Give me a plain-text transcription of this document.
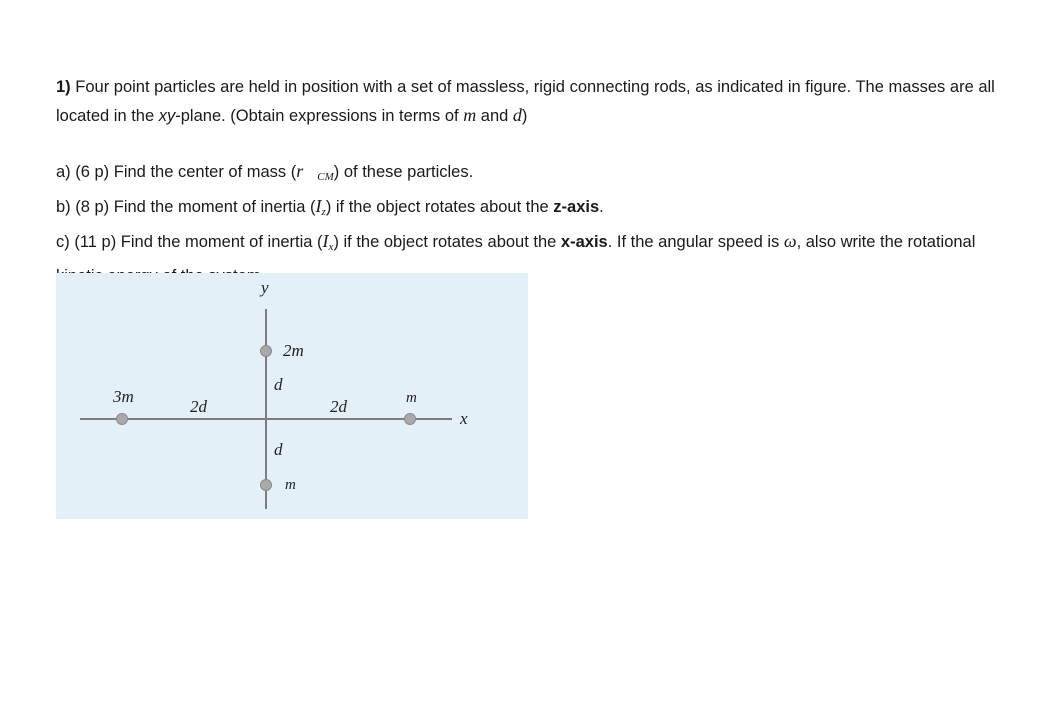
1) Four point particles are held in position with a set of massless, rigid connecting rods, as indicated in figure. The masses are all located in the xy-plane. (Obtain expressions in terms of m and d)

a) (6 p) Find the center of mass $(r⃗_{CM})$ of these particles.
b) (8 p) Find the moment of inertia $(I_z)$ if the object rotates about the z-axis.
c) (11 p) Find the moment of inertia $(I_x)$ if the object rotates about the x-axis. If the angular speed is ω, also write the rotational
y
x
2m
3m	m
m
d
d
2d	2d
